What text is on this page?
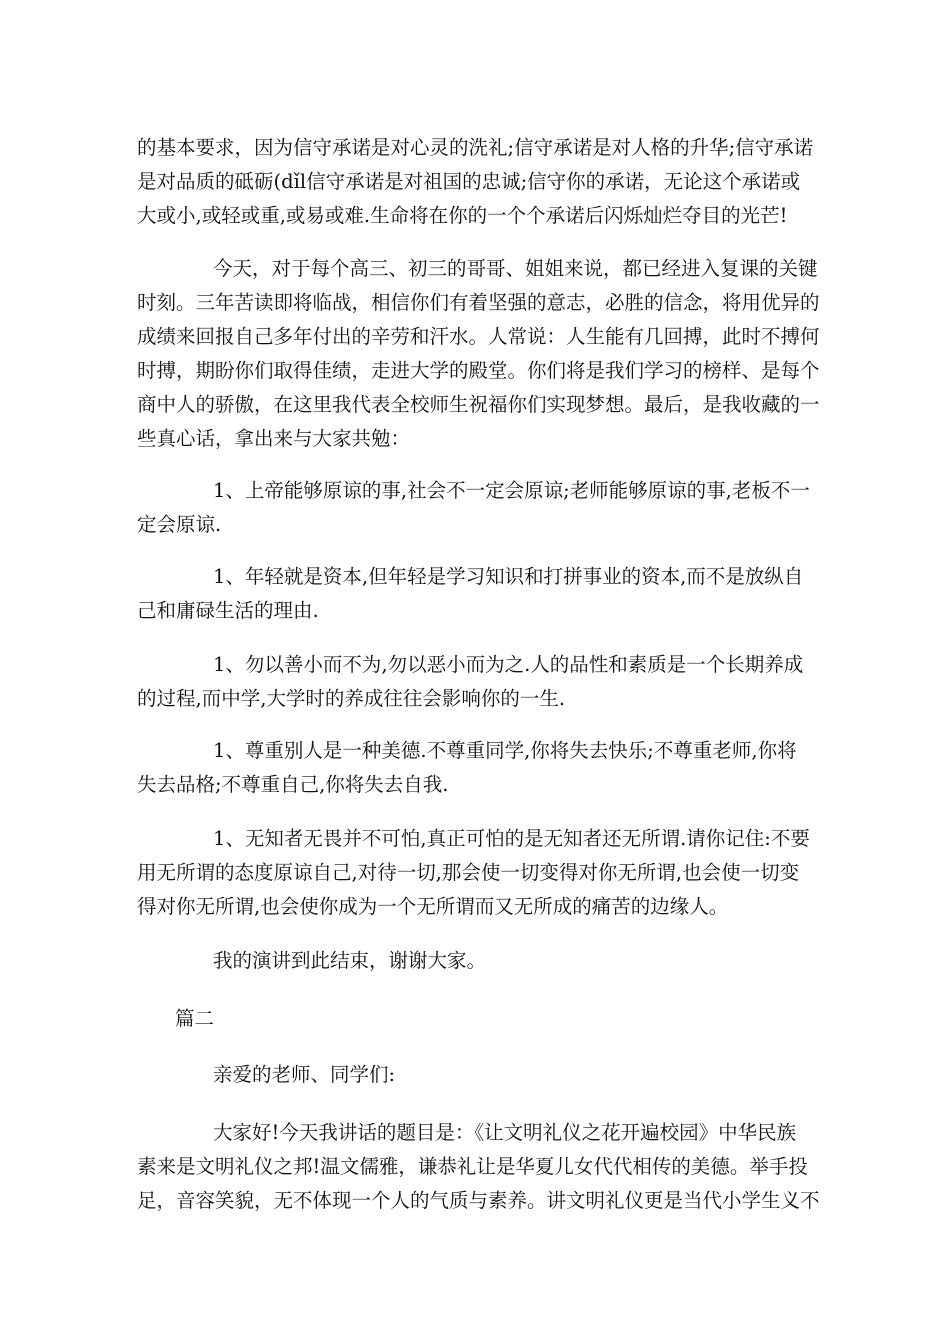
的基本要求，因为信守承诺是对心灵的洗礼;信守承诺是对人格的升华;信守承诺
是对品质的砥砺(dǐl信守承诺是对祖国的忠诚;信守你的承诺，无论这个承诺或
大或小,或轻或重,或易或难.生命将在你的一个个承诺后闪烁灿烂夺目的光芒!

今天，对于每个高三、初三的哥哥、姐姐来说，都已经进入复课的关键
时刻。三年苦读即将临战，相信你们有着坚强的意志，必胜的信念，将用优异的
成绩来回报自己多年付出的辛劳和汗水。人常说：人生能有几回搏，此时不搏何
时搏，期盼你们取得佳绩，走进大学的殿堂。你们将是我们学习的榜样、是每个
商中人的骄傲，在这里我代表全校师生祝福你们实现梦想。最后，是我收藏的一
些真心话，拿出来与大家共勉：

1、上帝能够原谅的事,社会不一定会原谅;老师能够原谅的事,老板不一
定会原谅.

1、年轻就是资本,但年轻是学习知识和打拼事业的资本,而不是放纵自
己和庸碌生活的理由.

1、勿以善小而不为,勿以恶小而为之.人的品性和素质是一个长期养成
的过程,而中学,大学时的养成往往会影响你的一生.

1、尊重别人是一种美德.不尊重同学,你将失去快乐;不尊重老师,你将
失去品格;不尊重自己,你将失去自我.

1、无知者无畏并不可怕,真正可怕的是无知者还无所谓.请你记住:不要
用无所谓的态度原谅自己,对待一切,那会使一切变得对你无所谓,也会使一切变
得对你无所谓,也会使你成为一个无所谓而又无所成的痛苦的边缘人。

我的演讲到此结束，谢谢大家。

篇二

亲爱的老师、同学们:

大家好!今天我讲话的题目是：《让文明礼仪之花开遍校园》中华民族
素来是文明礼仪之邦!温文儒雅，谦恭礼让是华夏儿女代代相传的美德。举手投
足，音容笑貌，无不体现一个人的气质与素养。讲文明礼仪更是当代小学生义不
